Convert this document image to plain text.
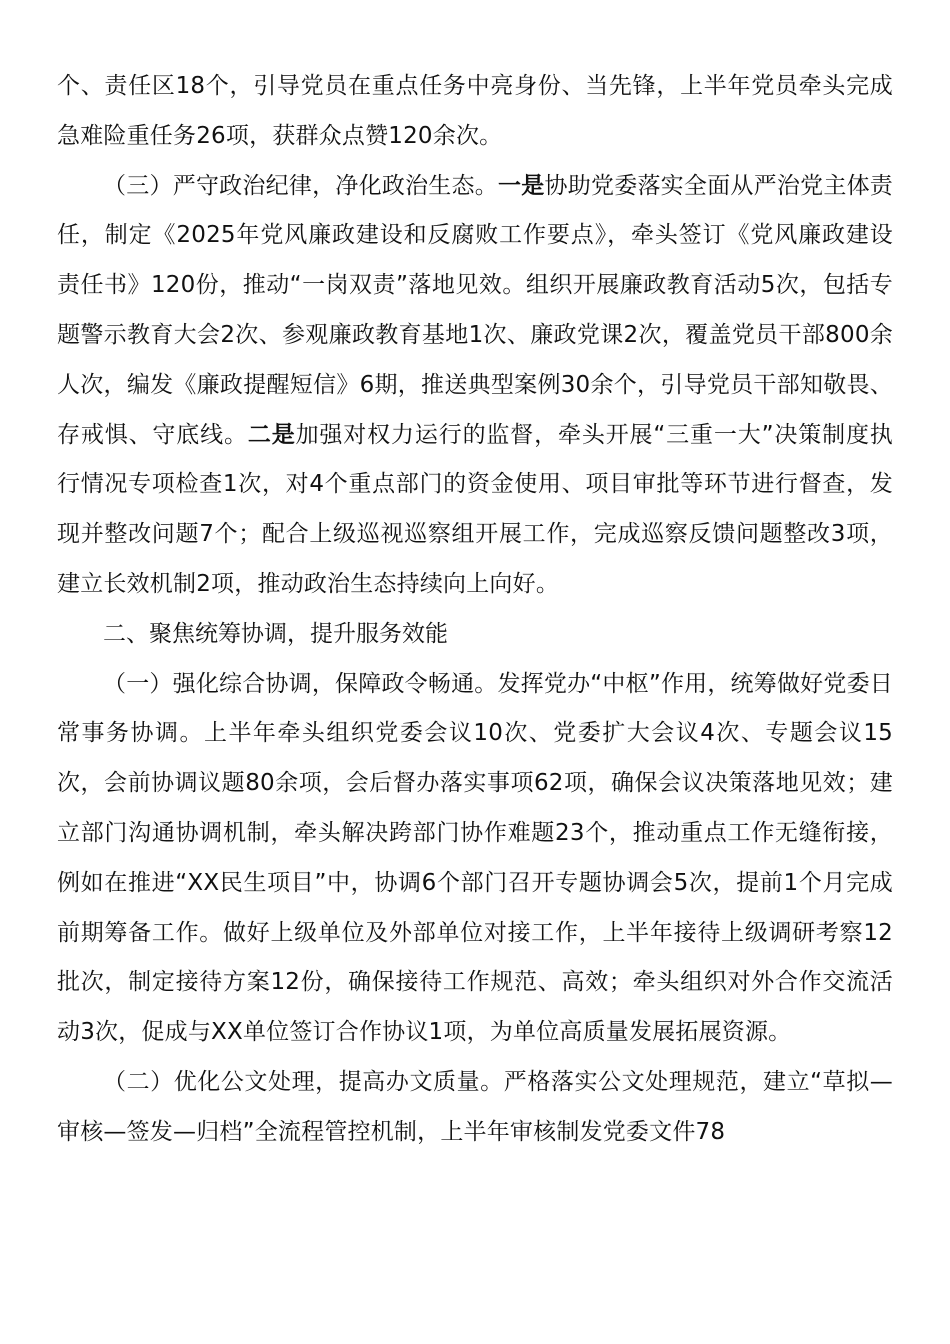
个、责任区18个，引导党员在重点任务中亮身份、当先锋，上半年党员牵头完成急难险重任务26项，获群众点赞120余次。

（三）严守政治纪律，净化政治生态。一是协助党委落实全面从严治党主体责任，制定《2025年党风廉政建设和反腐败工作要点》，牵头签订《党风廉政建设责任书》120份，推动“一岗双责”落地见效。组织开展廉政教育活动5次，包括专题警示教育大会2次、参观廉政教育基地1次、廉政党课2次，覆盖党员干部800余人次，编发《廉政提醒短信》6期，推送典型案例30余个，引导党员干部知敬畏、存戒惧、守底线。二是加强对权力运行的监督，牵头开展“三重一大”决策制度执行情况专项检查1次，对4个重点部门的资金使用、项目审批等环节进行督查，发现并整改问题7个；配合上级巡视巡察组开展工作，完成巡察反馈问题整改3项，建立长效机制2项，推动政治生态持续向上向好。

二、聚焦统筹协调，提升服务效能

（一）强化综合协调，保障政令畅通。发挥党办“中枢”作用，统筹做好党委日常事务协调。上半年牵头组织党委会议10次、党委扩大会议4次、专题会议15次，会前协调议题80余项，会后督办落实事项62项，确保会议决策落地见效；建立部门沟通协调机制，牵头解决跨部门协作难题23个，推动重点工作无缝衔接，例如在推进“XX民生项目”中，协调6个部门召开专题协调会5次，提前1个月完成前期筹备工作。做好上级单位及外部单位对接工作，上半年接待上级调研考察12批次，制定接待方案12份，确保接待工作规范、高效；牵头组织对外合作交流活动3次，促成与XX单位签订合作协议1项，为单位高质量发展拓展资源。

（二）优化公文处理，提高办文质量。严格落实公文处理规范，建立“草拟—审核—签发—归档”全流程管控机制，上半年审核制发党委文件78
